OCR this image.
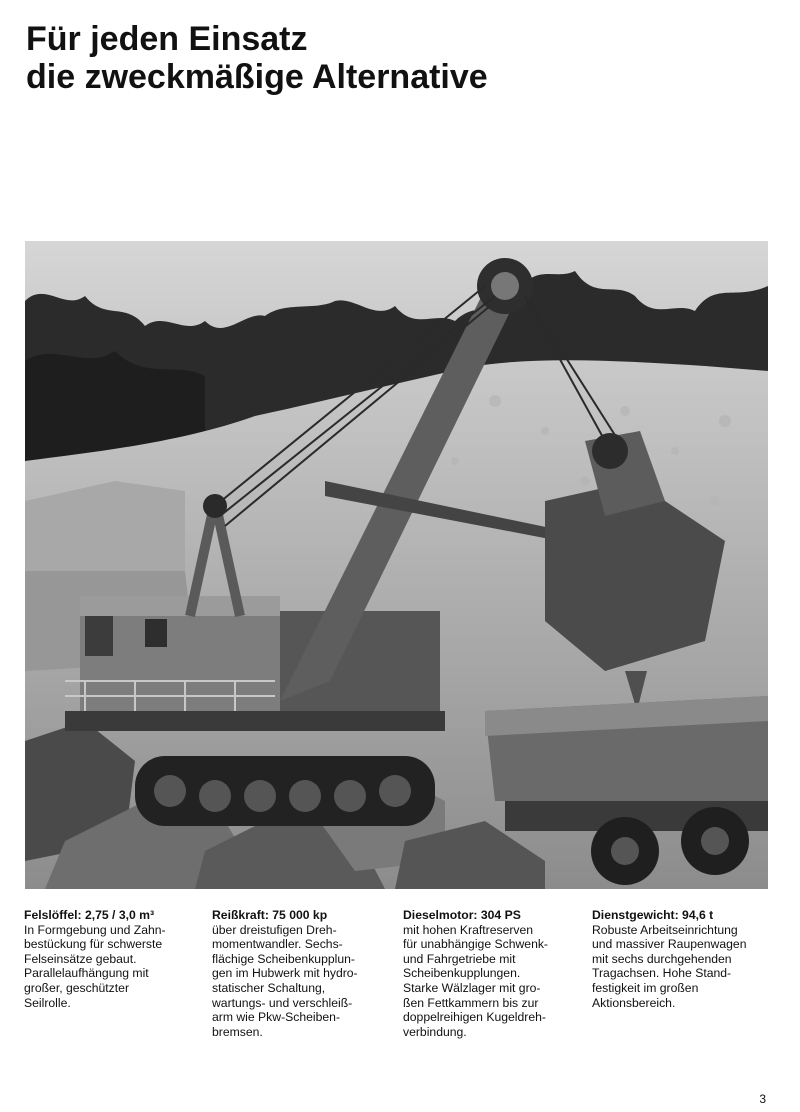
Für jeden Einsatz
die zweckmäßige Alternative
Felslöffel: 2,75 / 3,0 m³
In Formgebung und Zahn-
bestückung für schwerste
Felseinsätze gebaut.
Parallelaufhängung mit
großer, geschützter
Seilrolle.
Reißkraft: 75 000 kp
über dreistufigen Dreh-
momentwandler. Sechs-
flächige Scheibenkupplun-
gen im Hubwerk mit hydro-
statischer Schaltung,
wartungs- und verschleiß-
arm wie Pkw-Scheiben-
bremsen.
Dieselmotor: 304 PS
mit hohen Kraftreserven
für unabhängige Schwenk-
und Fahrgetriebe mit
Scheibenkupplungen.
Starke Wälzlager mit gro-
ßen Fettkammern bis zur
doppelreihigen Kugeldreh-
verbindung.
Dienstgewicht: 94,6 t
Robuste Arbeitseinrichtung
und massiver Raupenwagen
mit sechs durchgehenden
Tragachsen. Hohe Stand-
festigkeit im großen
Aktionsbereich.
3
